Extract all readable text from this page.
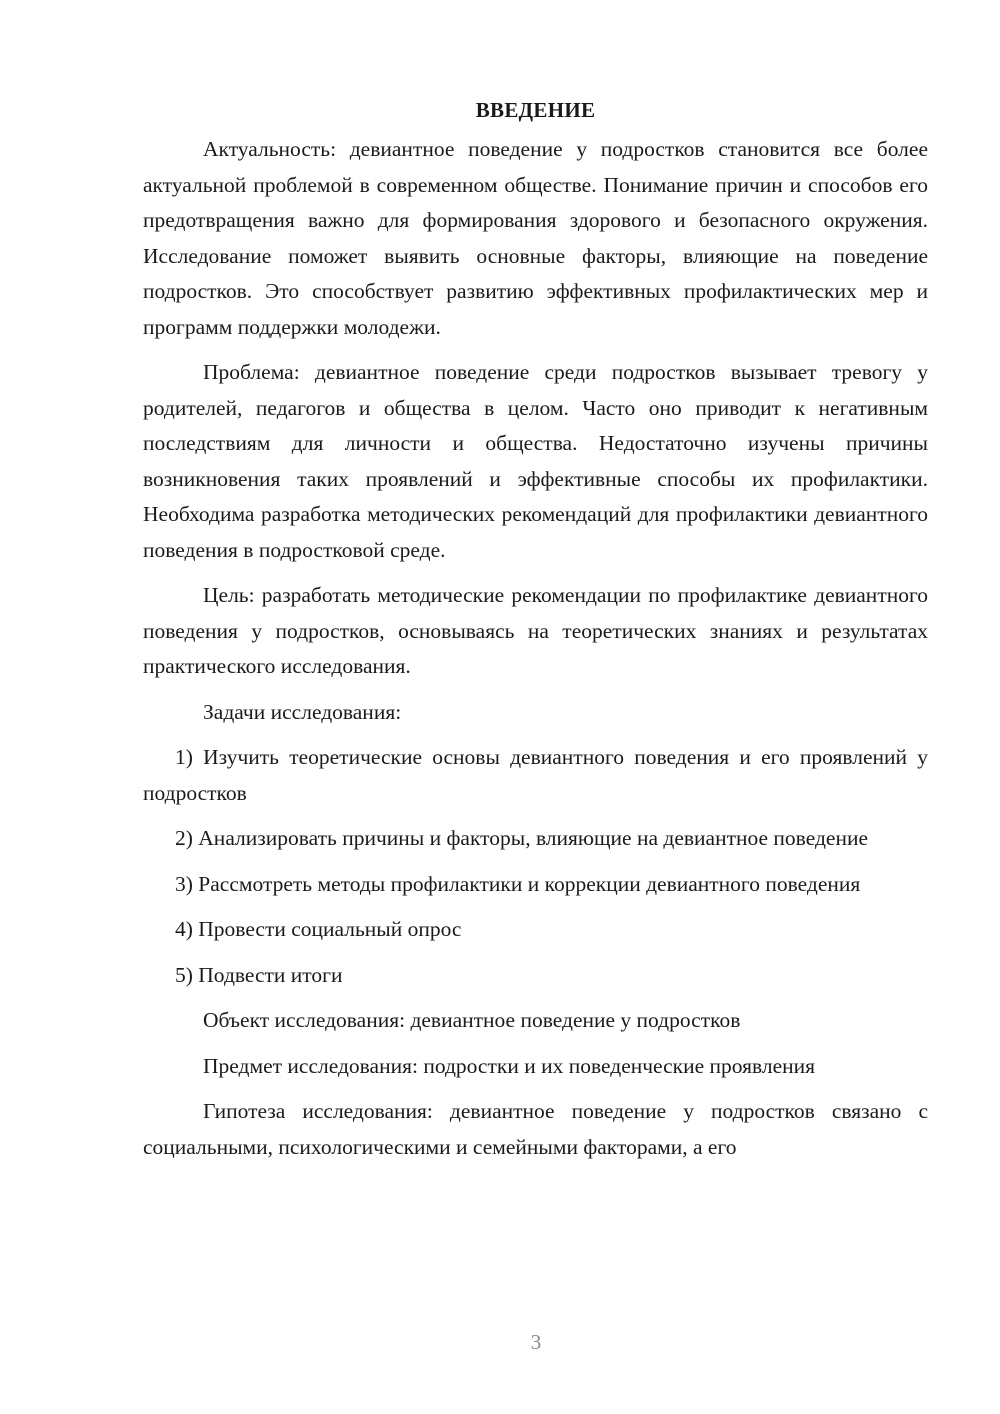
ВВЕДЕНИЕ

Актуальность: девиантное поведение у подростков становится все более актуальной проблемой в современном обществе. Понимание причин и способов его предотвращения важно для формирования здорового и безопасного окружения. Исследование поможет выявить основные факторы, влияющие на поведение подростков. Это способствует развитию эффективных профилактических мер и программ поддержки молодежи.

Проблема: девиантное поведение среди подростков вызывает тревогу у родителей, педагогов и общества в целом. Часто оно приводит к негативным последствиям для личности и общества. Недостаточно изучены причины возникновения таких проявлений и эффективные способы их профилактики. Необходима разработка методических рекомендаций для профилактики девиантного поведения в подростковой среде.

Цель: разработать методические рекомендации по профилактике девиантного поведения у подростков, основываясь на теоретических знаниях и результатах практического исследования.

Задачи исследования:

1) Изучить теоретические основы девиантного поведения и его проявлений у подростков

2) Анализировать причины и факторы, влияющие на девиантное поведение

3) Рассмотреть методы профилактики и коррекции девиантного поведения

4) Провести социальный опрос

5) Подвести итоги

Объект исследования: девиантное поведение у подростков

Предмет исследования: подростки и их поведенческие проявления

Гипотеза исследования: девиантное поведение у подростков связано с социальными, психологическими и семейными факторами, а его

3
